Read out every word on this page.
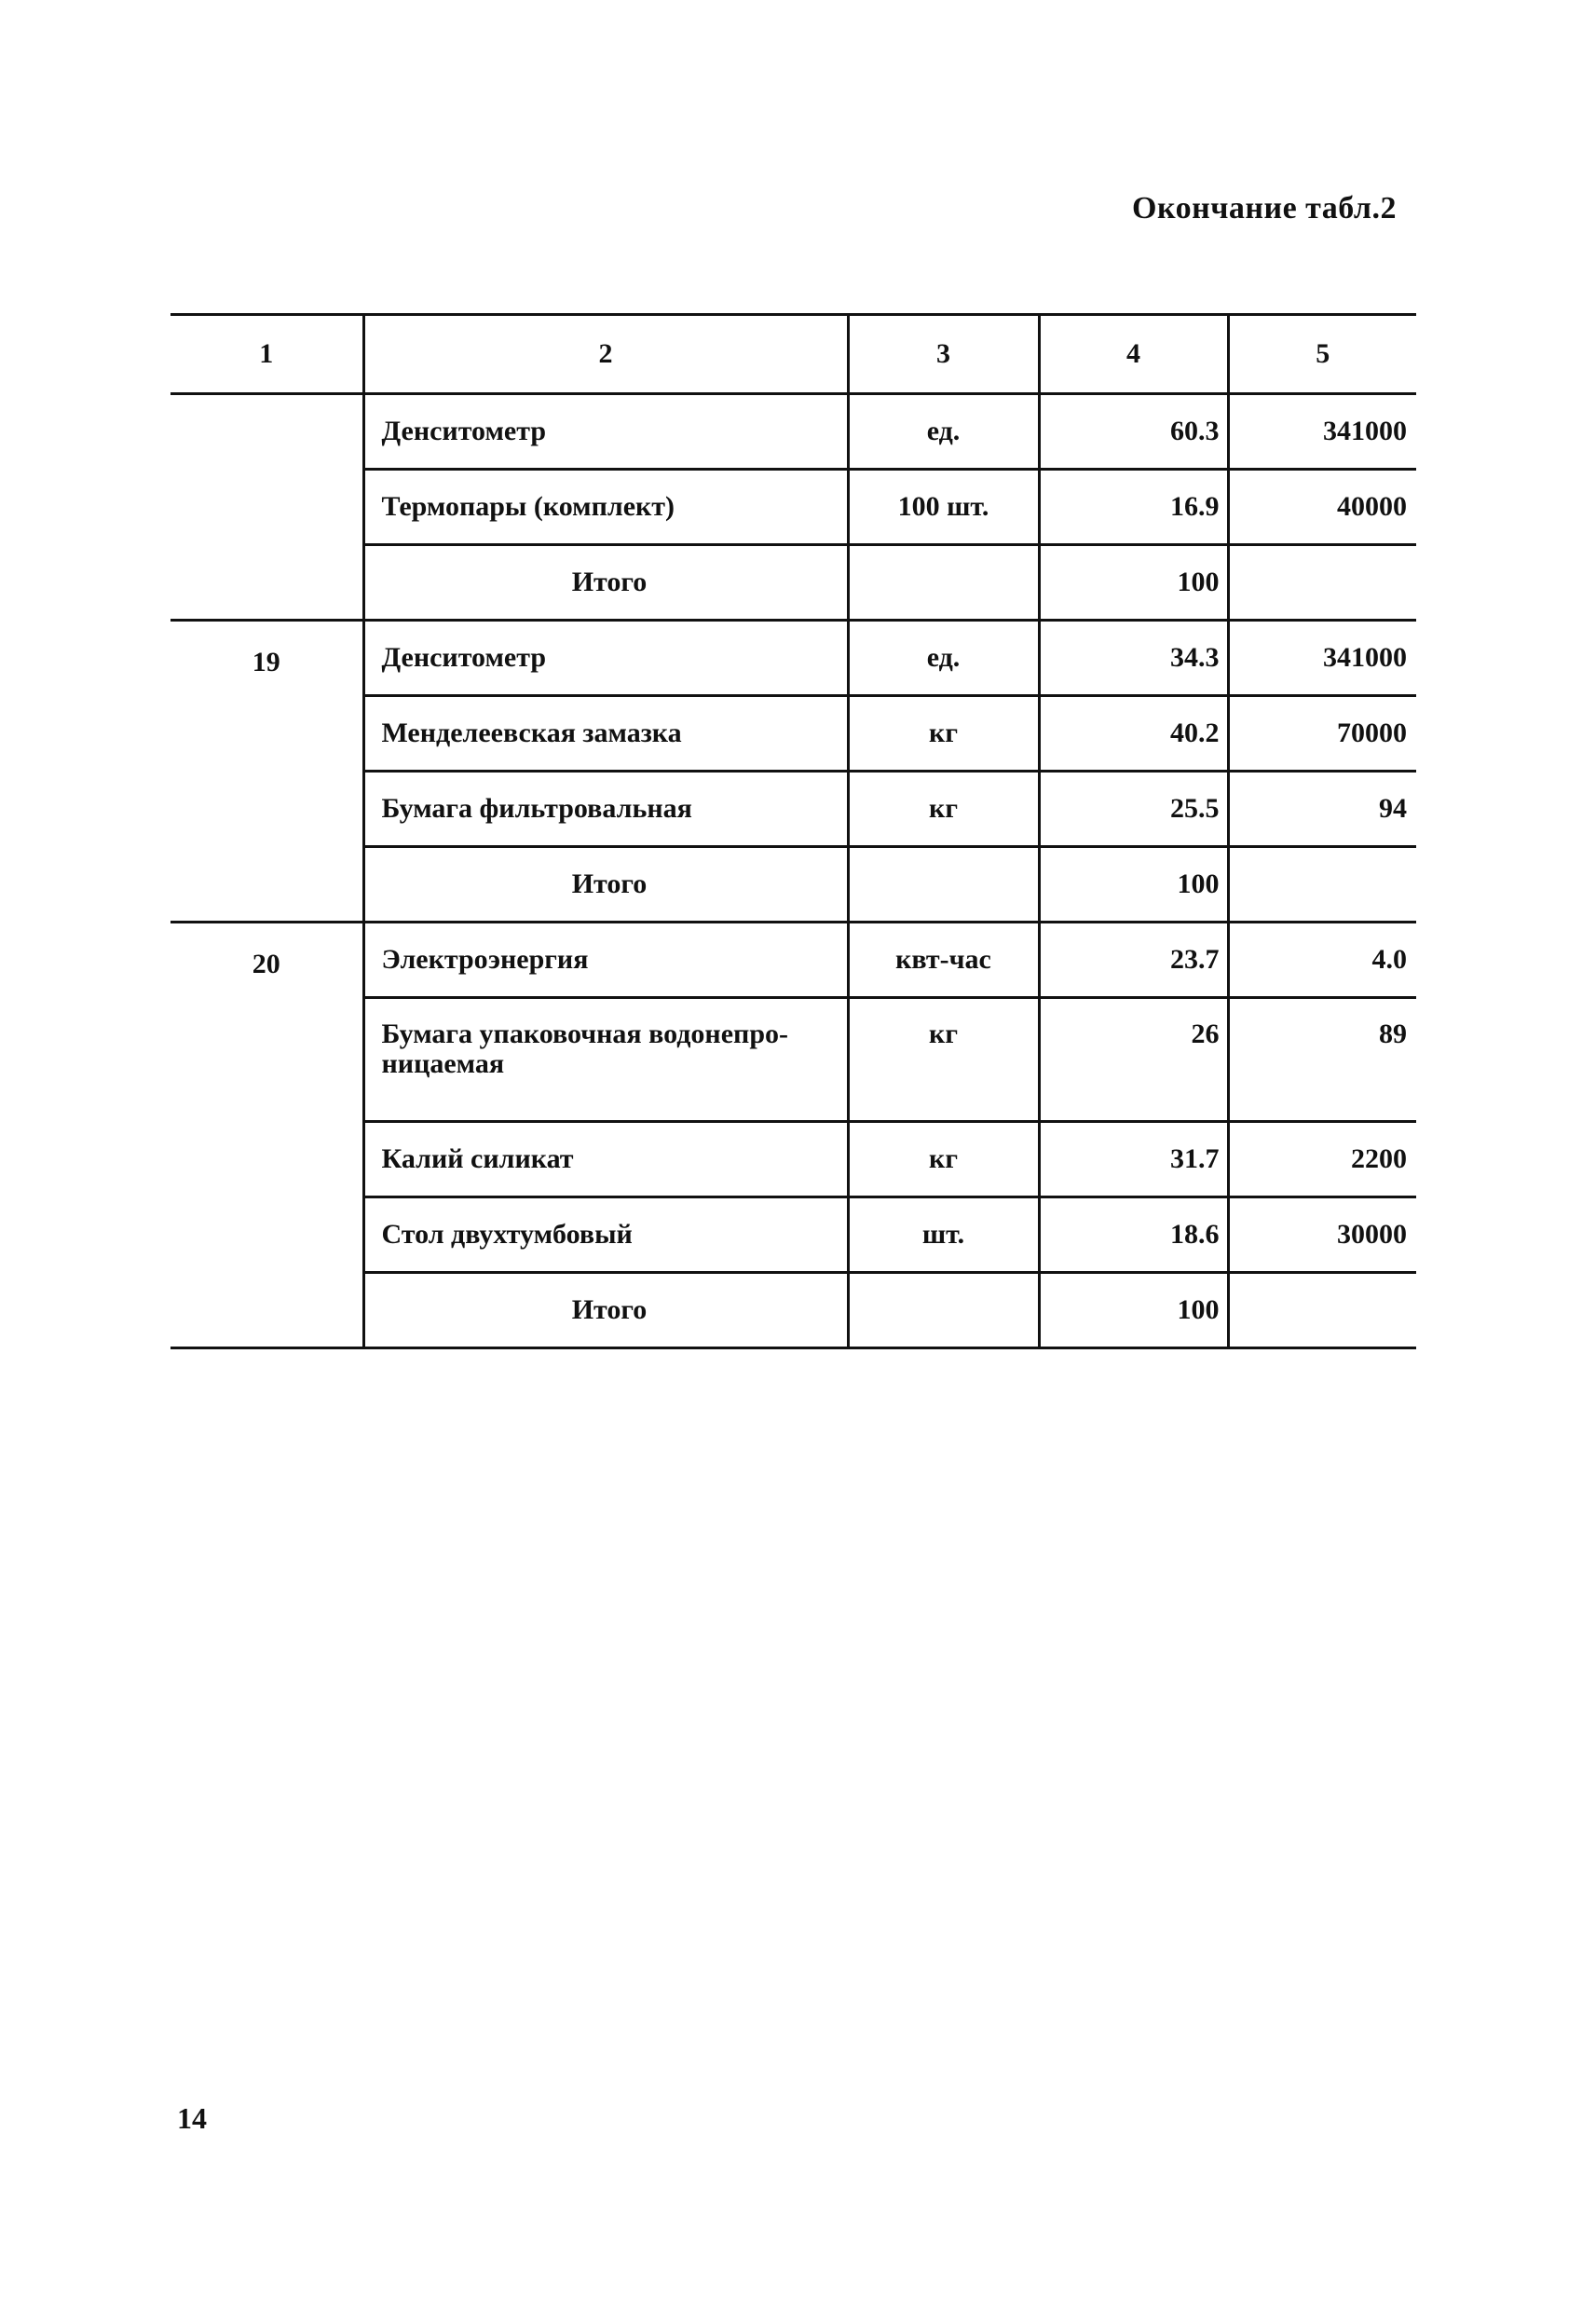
Окончание табл.2
1	2	3	4	5
	Денситометр	ед.	60.3	341000
	Термопары (комплект)	100 шт.	16.9	40000
	Итого		100	
19	Денситометр	ед.	34.3	341000
	Менделеевская замазка	кг	40.2	70000
	Бумага фильтровальная	кг	25.5	94
	Итого		100	
20	Электроэнергия	квт-час	23.7	4.0
	Бумага упаковочная водонепро-ницаемая	кг	26	89
	Калий силикат	кг	31.7	2200
	Стол двухтумбовый	шт.	18.6	30000
	Итого		100	
14
